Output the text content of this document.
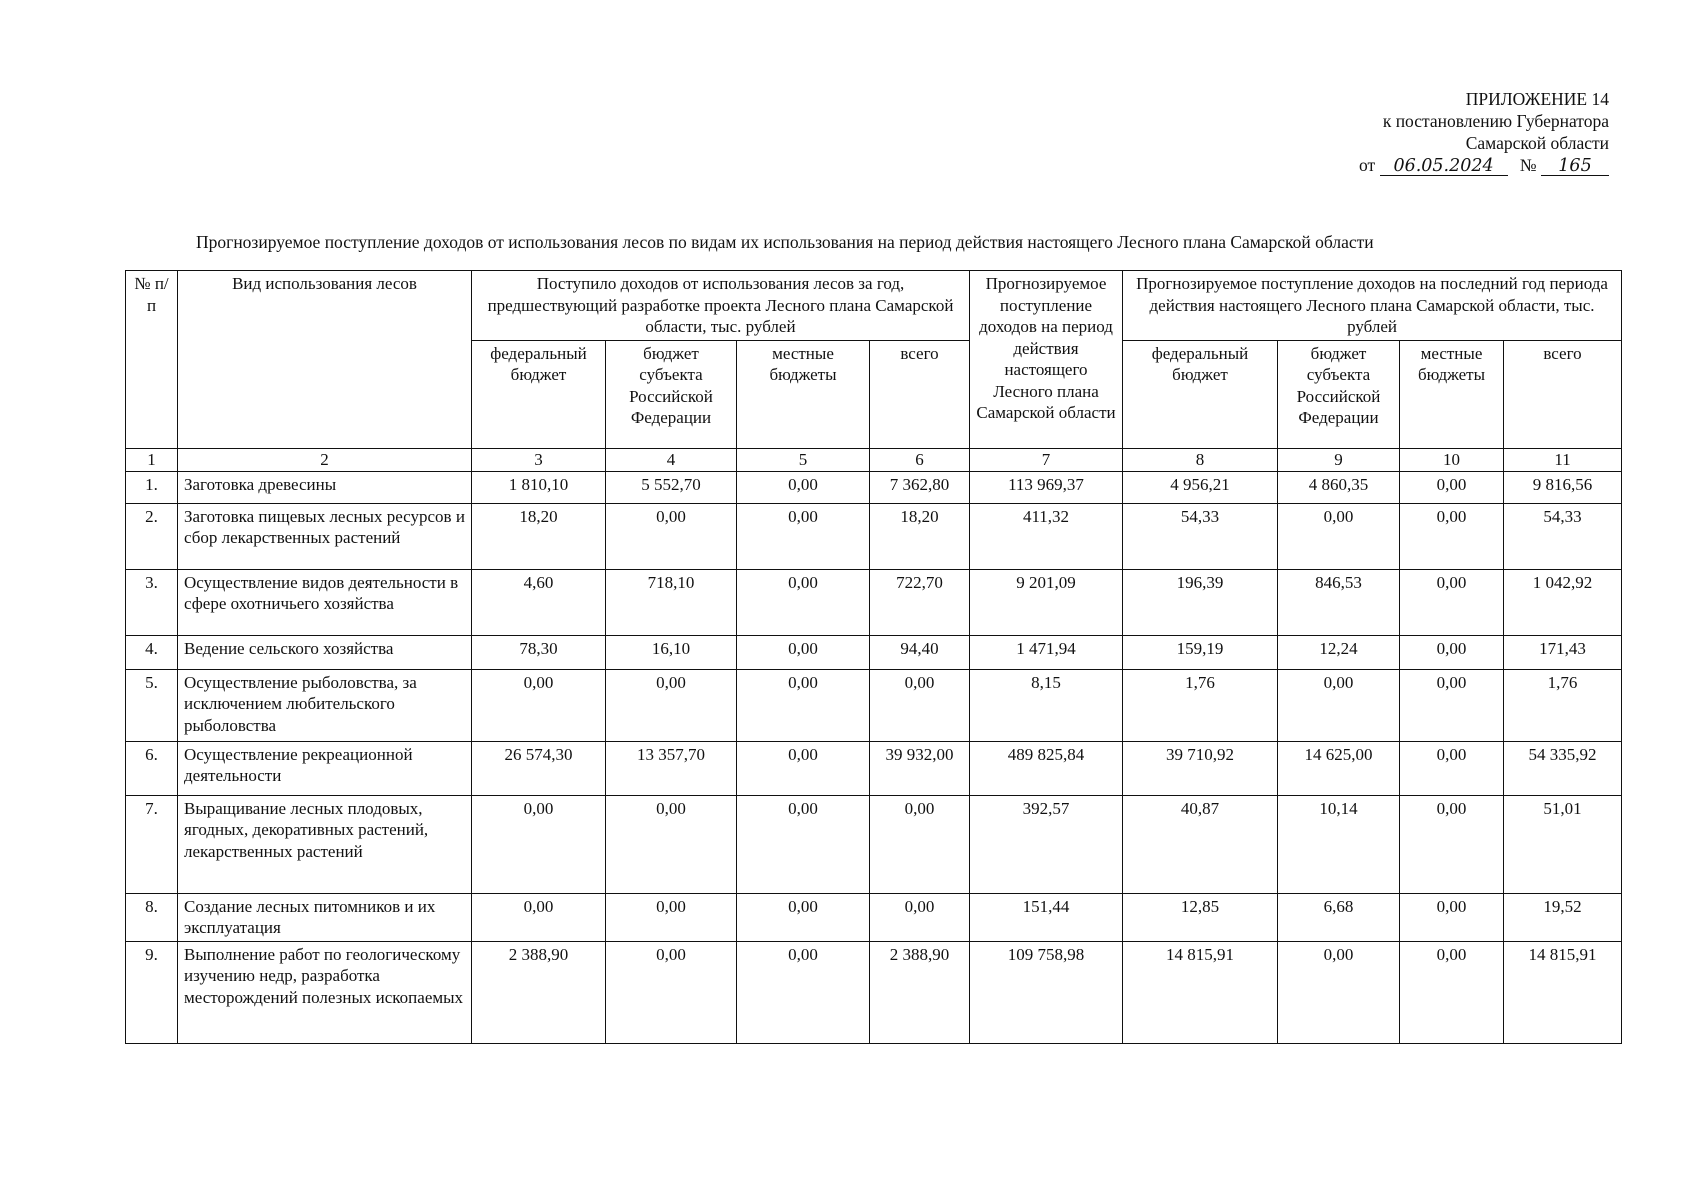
ПРИЛОЖЕНИЕ 14
к постановлению Губернатора
Самарской области
от 06.05.2024 № 165
Прогнозируемое поступление доходов от использования лесов по видам их использования на период действия настоящего Лесного плана Самарской области
№ п/п	Вид использования лесов	Поступило доходов от использования лесов за год, предшествующий разработке проекта Лесного плана Самарской области, тыс. рублей				Прогнозируемое поступление доходов на период действия настоящего Лесного плана Самарской области	Прогнозируемое поступление доходов на последний год периода действия настоящего Лесного плана Самарской области, тыс. рублей			
		федеральный бюджет	бюджет субъекта Российской Федерации	местные бюджеты	всего		федеральный бюджет	бюджет субъекта Российской Федерации	местные бюджеты	всего
1	2	3	4	5	6	7	8	9	10	11
1.	Заготовка древесины	1 810,10	5 552,70	0,00	7 362,80	113 969,37	4 956,21	4 860,35	0,00	9 816,56
2.	Заготовка пищевых лесных ресурсов и сбор лекарственных растений	18,20	0,00	0,00	18,20	411,32	54,33	0,00	0,00	54,33
3.	Осуществление видов деятельности в сфере охотничьего хозяйства	4,60	718,10	0,00	722,70	9 201,09	196,39	846,53	0,00	1 042,92
4.	Ведение сельского хозяйства	78,30	16,10	0,00	94,40	1 471,94	159,19	12,24	0,00	171,43
5.	Осуществление рыболовства, за исключением любительского рыболовства	0,00	0,00	0,00	0,00	8,15	1,76	0,00	0,00	1,76
6.	Осуществление рекреационной деятельности	26 574,30	13 357,70	0,00	39 932,00	489 825,84	39 710,92	14 625,00	0,00	54 335,92
7.	Выращивание лесных плодовых, ягодных, декоративных растений, лекарственных растений	0,00	0,00	0,00	0,00	392,57	40,87	10,14	0,00	51,01
8.	Создание лесных питомников и их эксплуатация	0,00	0,00	0,00	0,00	151,44	12,85	6,68	0,00	19,52
9.	Выполнение работ по геологическому изучению недр, разработка месторождений полезных ископаемых	2 388,90	0,00	0,00	2 388,90	109 758,98	14 815,91	0,00	0,00	14 815,91
